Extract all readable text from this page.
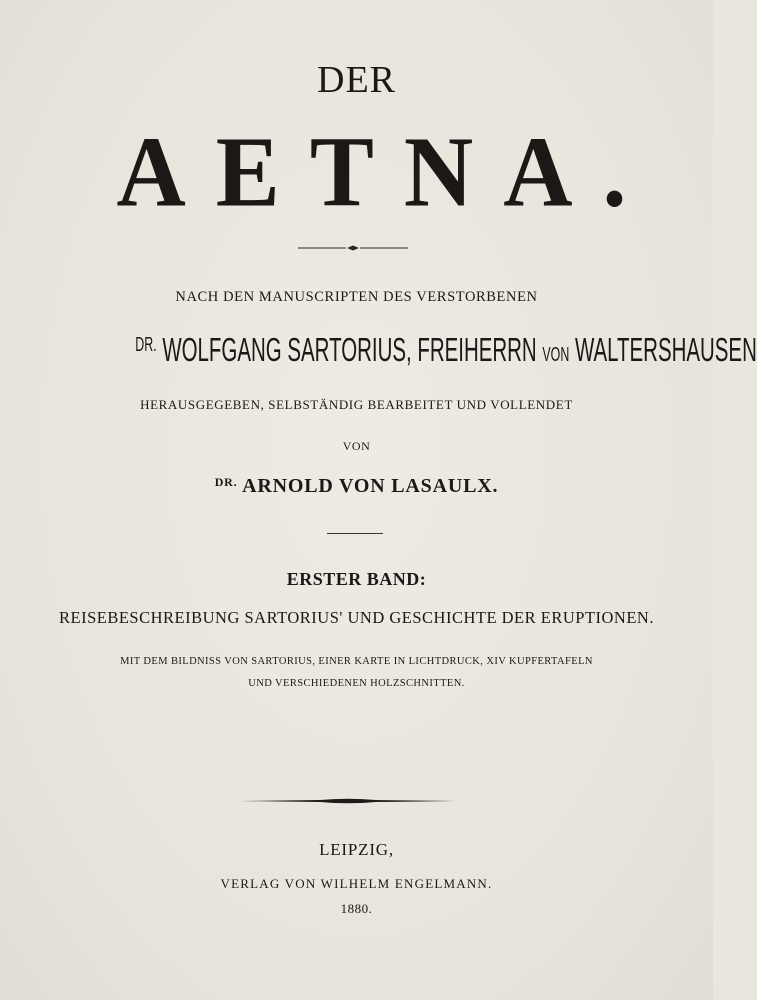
DER
AETNA.
NACH DEN MANUSCRIPTEN DES VERSTORBENEN
$^{DR.}$ WOLFGANG SARTORIUS, FREIHERRN VON WALTERSHAUSEN
HERAUSGEGEBEN, SELBSTÄNDIG BEARBEITET UND VOLLENDET
VON
$^{DR.}$ ARNOLD VON LASAULX.
ERSTER BAND:
REISEBESCHREIBUNG SARTORIUS' UND GESCHICHTE DER ERUPTIONEN.
MIT DEM BILDNISS VON SARTORIUS, EINER KARTE IN LICHTDRUCK, XIV KUPFERTAFELN
UND VERSCHIEDENEN HOLZSCHNITTEN.
LEIPZIG,
VERLAG VON WILHELM ENGELMANN.
1880.
